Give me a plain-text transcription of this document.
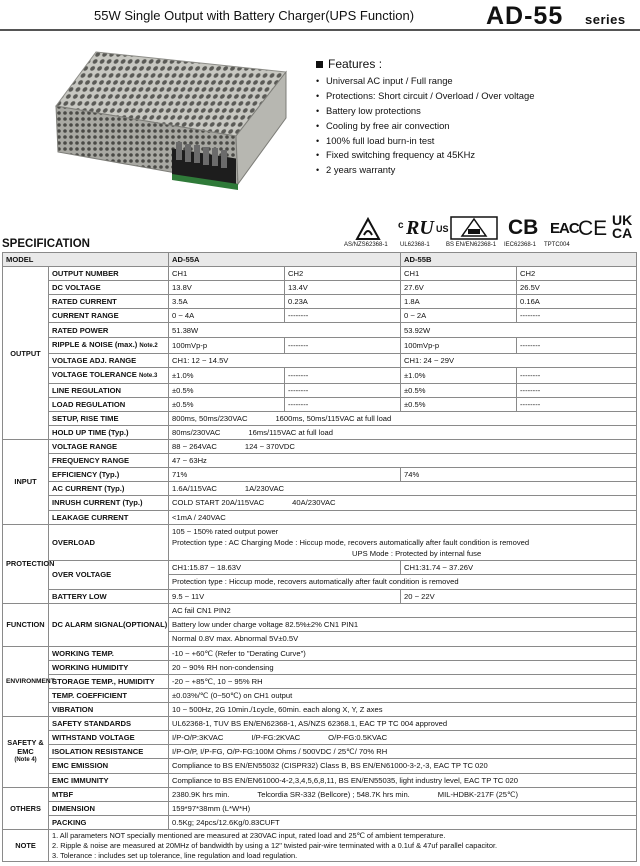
55W Single Output with Battery Charger(UPS Function)	AD-55 series
Features :
• Universal AC input / Full range
• Protections: Short circuit / Overload / Over voltage
• Battery low protections
• Cooling by free air convection
• 100% full load burn-in test
• Fixed switching frequency at 45KHz
• 2 years warranty
c RU US	CB EAC CE UK CA
AS/NZS62368-1 UL62368-1	BS EN/EN62368-1 IEC62368-1 TPTC004
SPECIFICATION
MODEL		AD-55A		AD-55B	
OUTPUT	OUTPUT NUMBER	CH1	CH2	CH1	CH2
	DC VOLTAGE	13.8V	13.4V	27.6V	26.5V
	RATED CURRENT	3.5A	0.23A	1.8A	0.16A
	CURRENT RANGE	0 ~ 4A	--------	0 ~ 2A	--------
	RATED POWER	51.38W		53.92W	
	RIPPLE & NOISE (max.) Note.2	100mVp-p	--------	100mVp-p	--------
	VOLTAGE ADJ. RANGE	CH1: 12 ~ 14.5V		CH1: 24 ~ 29V	
	VOLTAGE TOLERANCE Note.3	±1.0%	--------	±1.0%	--------
	LINE REGULATION	±0.5%	--------	±0.5%	--------
	LOAD REGULATION	±0.5%	--------	±0.5%	--------
	SETUP, RISE TIME	800ms, 50ms/230VAC 1600ms, 50ms/115VAC at full load			
	HOLD UP TIME (Typ.)	80ms/230VAC 16ms/115VAC at full load			
INPUT	VOLTAGE RANGE	88 ~ 264VAC 124 ~ 370VDC			
	FREQUENCY RANGE	47 ~ 63Hz			
	EFFICIENCY (Typ.)	71%		74%	
	AC CURRENT (Typ.)	1.6A/115VAC 1A/230VAC			
	INRUSH CURRENT (Typ.)	COLD START 20A/115VAC 40A/230VAC			
	LEAKAGE CURRENT	<1mA / 240VAC			
PROTECTION	OVERLOAD	105 ~ 150% rated output power
Protection type : AC Charging Mode : Hiccup mode, recovers automatically after fault condition is removed
UPS Mode : Protected by internal fuse			

	OVER VOLTAGE	CH1:15.87 ~ 18.63V CH1:31.74 ~ 37.26V
Protection type : Hiccup mode, recovers automatically after fault condition is removed			

	BATTERY LOW	9.5 ~ 11V		20 ~ 22V	
FUNCTION	DC ALARM SIGNAL(OPTIONAL)	AC fail CN1 PIN2
Battery low under charge voltage 82.5%±2% CN1 PIN1
Normal 0.8V max. Abnormal 5V±0.5V			

ENVIRONMENT	WORKING TEMP.	-10 ~ +60℃ (Refer to "Derating Curve")			
	WORKING HUMIDITY	20 ~ 90% RH non-condensing			
	STORAGE TEMP., HUMIDITY	-20 ~ +85℃, 10 ~ 95% RH			
	TEMP. COEFFICIENT	±0.03%/℃ (0~50℃) on CH1 output			
	VIBRATION	10 ~ 500Hz, 2G 10min./1cycle, 60min. each along X, Y, Z axes			

SAFETY &
EMC
(Note 4)	SAFETY STANDARDS	UL62368-1, TUV BS EN/EN62368-1, AS/NZS 62368.1, EAC TP TC 004 approved			
	WITHSTAND VOLTAGE	I/P-O/P:3KVAC I/P-FG:2KVAC O/P-FG:0.5KVAC			
	ISOLATION RESISTANCE	I/P-O/P, I/P-FG, O/P-FG:100M Ohms / 500VDC / 25℃/ 70% RH			
	EMC EMISSION	Compliance to BS EN/EN55032 (CISPR32) Class B, BS EN/EN61000-3-2,-3, EAC TP TC 020			
	EMC IMMUNITY	Compliance to BS EN/EN61000-4-2,3,4,5,6,8,11, BS EN/EN55035, light industry level, EAC TP TC 020			
OTHERS	MTBF	2380.9K hrs min. Telcordia SR-332 (Bellcore) ; 548.7K hrs min. MIL-HDBK-217F (25℃)			
	DIMENSION	159*97*38mm (L*W*H)			
	PACKING	0.5Kg; 24pcs/12.6Kg/0.83CUFT			
NOTE	1. All parameters NOT specially mentioned are measured at 230VAC input, rated load and 25℃ of ambient temperature.
2. Ripple & noise are measured at 20MHz of bandwidth by using a 12" twisted pair-wire terminated with a 0.1uf & 47uf parallel capacitor.
3. Tolerance : includes set up tolerance, line regulation and load regulation.				
